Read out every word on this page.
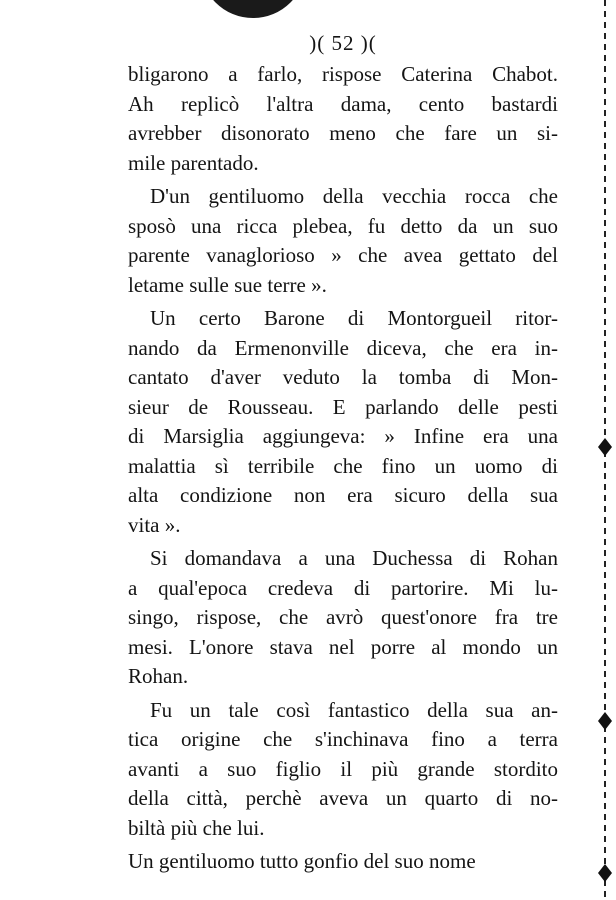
)( 52 )(
bligarono a farlo, rispose Caterina Chabot.
Ah replicò l'altra dama, cento bastardi
avrebber disonorato meno che fare un si-
mile parentado.
D'un gentiluomo della vecchia rocca che
sposò una ricca plebea, fu detto da un suo
parente vanaglorioso » che avea gettato del
letame sulle sue terre ».
Un certo Barone di Montorgueil ritor-
nando da Ermenonville diceva, che era in-
cantato d'aver veduto la tomba di Mon-
sieur de Rousseau. E parlando delle pesti
di Marsiglia aggiungeva: » Infine era una
malattia sì terribile che fino un uomo di
alta condizione non era sicuro della sua
vita ».
Si domandava a una Duchessa di Rohan
a qual'epoca credeva di partorire. Mi lu-
singo, rispose, che avrò quest'onore fra tre
mesi. L'onore stava nel porre al mondo un
Rohan.
Fu un tale così fantastico della sua an-
tica origine che s'inchinava fino a terra
avanti a suo figlio il più grande stordito
della città, perchè aveva un quarto di no-
biltà più che lui.
Un gentiluomo tutto gonfio del suo nome
